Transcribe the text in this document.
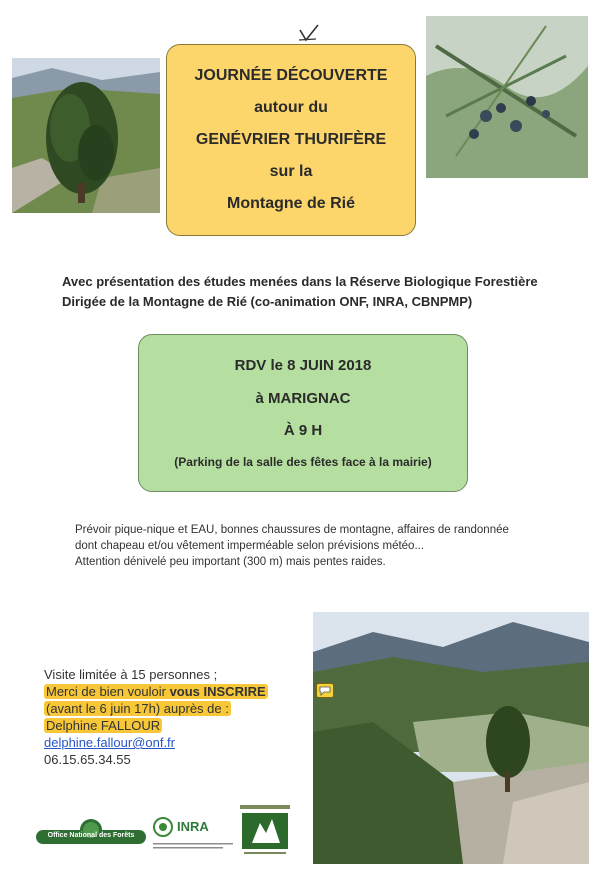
JOURNÉE DÉCOUVERTE
autour du
GENÉVRIER THURIFÈRE
sur la
Montagne de Rié
Avec présentation des études menées dans la Réserve Biologique Forestière
Dirigée de la Montagne de Rié (co-animation ONF, INRA, CBNPMP)
RDV le 8 JUIN 2018
à MARIGNAC
À 9 H
(Parking de la salle des fêtes face à la mairie)
Prévoir pique-nique et EAU, bonnes chaussures de montagne, affaires de randonnée
dont chapeau et/ou vêtement imperméable selon prévisions météo...
Attention dénivelé peu important (300 m) mais pentes raides.
Visite limitée à 15 personnes ;
Merci de bien vouloir vous INSCRIRE
(avant le 6 juin 17h) auprès de :
Delphine FALLOUR
delphine.fallour@onf.fr
06.15.65.34.55
Office National des Forêts
INRA
